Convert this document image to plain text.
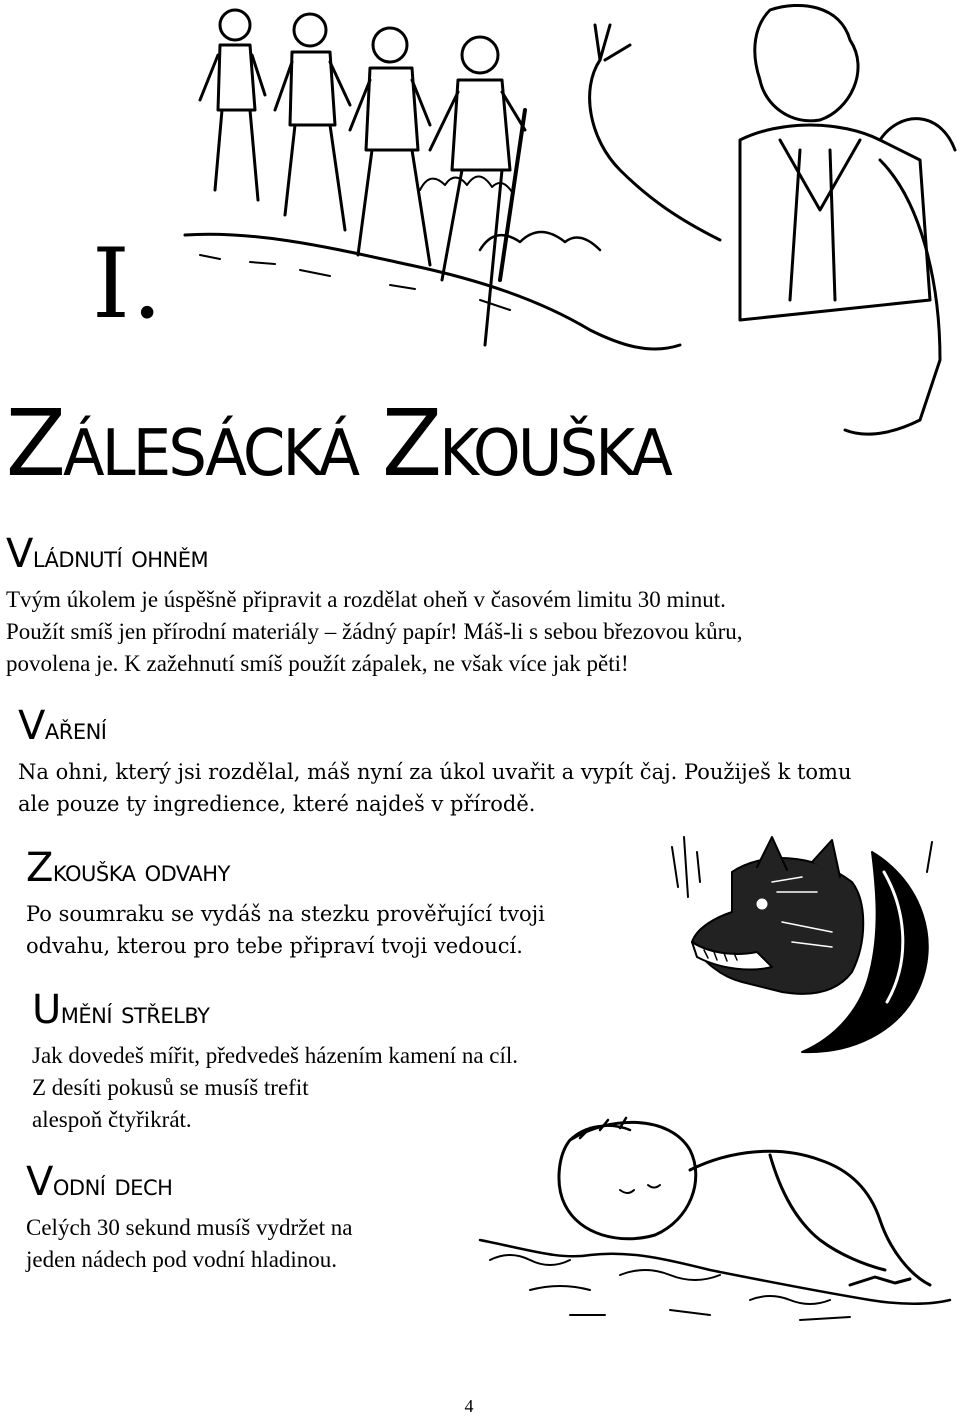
I.
Zálesácká Zkouška
Vládnutí ohněm

Tvým úkolem je úspěšně připravit a rozdělat oheň v časovém limitu 30 minut.
Použít smíš jen přírodní materiály – žádný papír! Máš-li s sebou březovou kůru,
povolena je. K zažehnutí smíš použít zápalek, ne však více jak pěti!

Vaření

Na ohni, který jsi rozdělal, máš nyní za úkol uvařit a vypít čaj. Použiješ k tomu
ale pouze ty ingredience, které najdeš v přírodě.

Zkouška odvahy

Po soumraku se vydáš na stezku prověřující tvoji
odvahu, kterou pro tebe připraví tvoji vedoucí.

Umění střelby

Jak dovedeš mířit, předvedeš házením kamení na cíl.
Z desíti pokusů se musíš trefit
alespoň čtyřikrát.

Vodní dech

Celých 30 sekund musíš vydržet na
jeden nádech pod vodní hladinou.

4
